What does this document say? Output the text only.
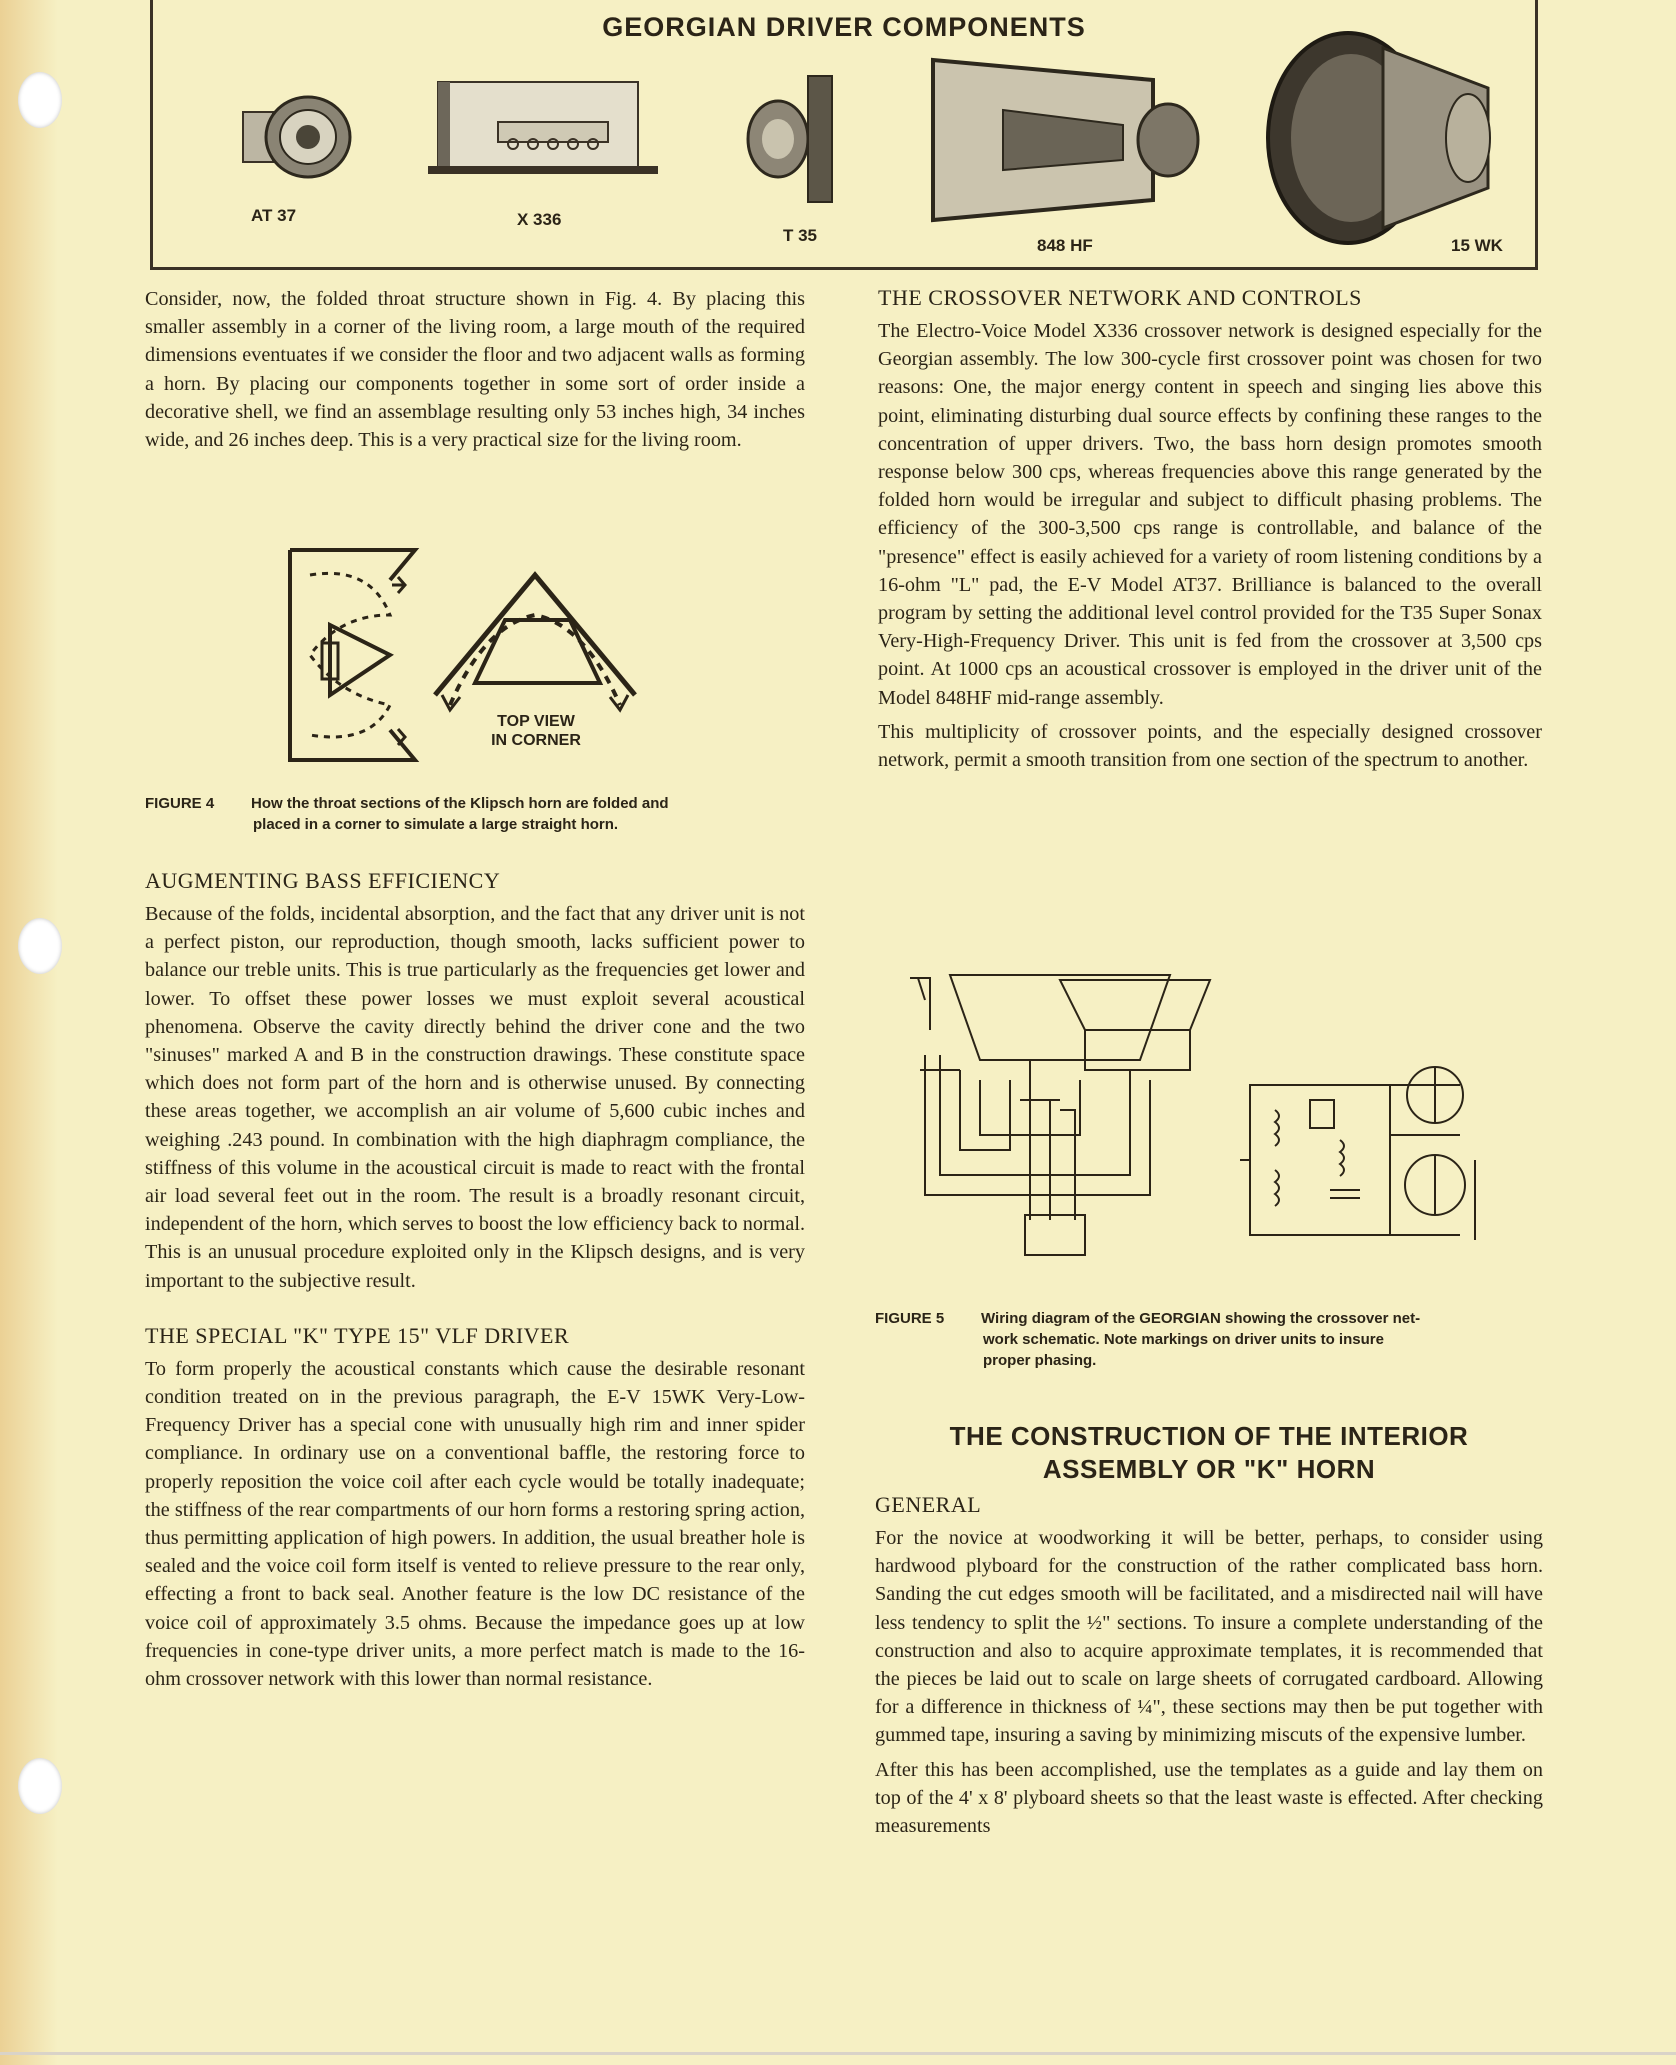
GEORGIAN DRIVER COMPONENTS
AT 37	X 336
T 35
848 HF	15 WK

Consider, now, the folded throat structure shown in Fig. 4. By placing this smaller assembly in a corner of the living room, a large mouth of the required dimensions eventuates if we consider the floor and two adjacent walls as forming a horn. By placing our components together in some sort of order inside a decorative shell, we find an assemblage resulting only 53 inches high, 34 inches wide, and 26 inches deep. This is a very practical size for the living room.

TOP VIEW
IN CORNER
FIGURE 4 How the throat sections of the Klipsch horn are folded and
placed in a corner to simulate a large straight horn.
AUGMENTING BASS EFFICIENCY

Because of the folds, incidental absorption, and the fact that any driver unit is not a perfect piston, our reproduction, though smooth, lacks sufficient power to balance our treble units. This is true particularly as the frequencies get lower and lower. To offset these power losses we must exploit several acoustical phenomena. Observe the cavity directly behind the driver cone and the two "sinuses" marked A and B in the construction drawings. These constitute space which does not form part of the horn and is otherwise unused. By connecting these areas together, we accomplish an air volume of 5,600 cubic inches and weighing .243 pound. In combination with the high diaphragm compliance, the stiffness of this volume in the acoustical circuit is made to react with the frontal air load several feet out in the room. The result is a broadly resonant circuit, independent of the horn, which serves to boost the low efficiency back to normal. This is an unusual procedure exploited only in the Klipsch designs, and is very important to the subjective result.

THE SPECIAL "K" TYPE 15" VLF DRIVER

To form properly the acoustical constants which cause the desirable resonant condition treated on in the previous paragraph, the E-V 15WK Very-Low-Frequency Driver has a special cone with unusually high rim and inner spider compliance. In ordinary use on a conventional baffle, the restoring force to properly reposition the voice coil after each cycle would be totally inadequate; the stiffness of the rear compartments of our horn forms a restoring spring action, thus permitting application of high powers. In addition, the usual breather hole is sealed and the voice coil form itself is vented to relieve pressure to the rear only, effecting a front to back seal. Another feature is the low DC resistance of the voice coil of approximately 3.5 ohms. Because the impedance goes up at low frequencies in cone-type driver units, a more perfect match is made to the 16-ohm crossover network with this lower than normal resistance.

THE CROSSOVER NETWORK AND CONTROLS

The Electro-Voice Model X336 crossover network is designed especially for the Georgian assembly. The low 300-cycle first crossover point was chosen for two reasons: One, the major energy content in speech and singing lies above this point, eliminating disturbing dual source effects by confining these ranges to the concentration of upper drivers. Two, the bass horn design promotes smooth response below 300 cps, whereas frequencies above this range generated by the folded horn would be irregular and subject to difficult phasing problems. The efficiency of the 300-3,500 cps range is controllable, and balance of the "presence" effect is easily achieved for a variety of room listening conditions by a 16-ohm "L" pad, the E-V Model AT37. Brilliance is balanced to the overall program by setting the additional level control provided for the T35 Super Sonax Very-High-Frequency Driver. This unit is fed from the crossover at 3,500 cps point. At 1000 cps an acoustical crossover is employed in the driver unit of the Model 848HF mid-range assembly.

This multiplicity of crossover points, and the especially designed crossover network, permit a smooth transition from one section of the spectrum to another.

FIGURE 5 Wiring diagram of the GEORGIAN showing the crossover net-
work schematic. Note markings on driver units to insure
proper phasing.
THE CONSTRUCTION OF THE INTERIOR
ASSEMBLY OR "K" HORN
GENERAL

For the novice at woodworking it will be better, perhaps, to consider using hardwood plyboard for the construction of the rather complicated bass horn. Sanding the cut edges smooth will be facilitated, and a misdirected nail will have less tendency to split the ½" sections. To insure a complete understanding of the construction and also to acquire approximate templates, it is recommended that the pieces be laid out to scale on large sheets of corrugated cardboard. Allowing for a difference in thickness of ¼", these sections may then be put together with gummed tape, insuring a saving by minimizing miscuts of the expensive lumber.

After this has been accomplished, use the templates as a guide and lay them on top of the 4' x 8' plyboard sheets so that the least waste is effected. After checking measurements
